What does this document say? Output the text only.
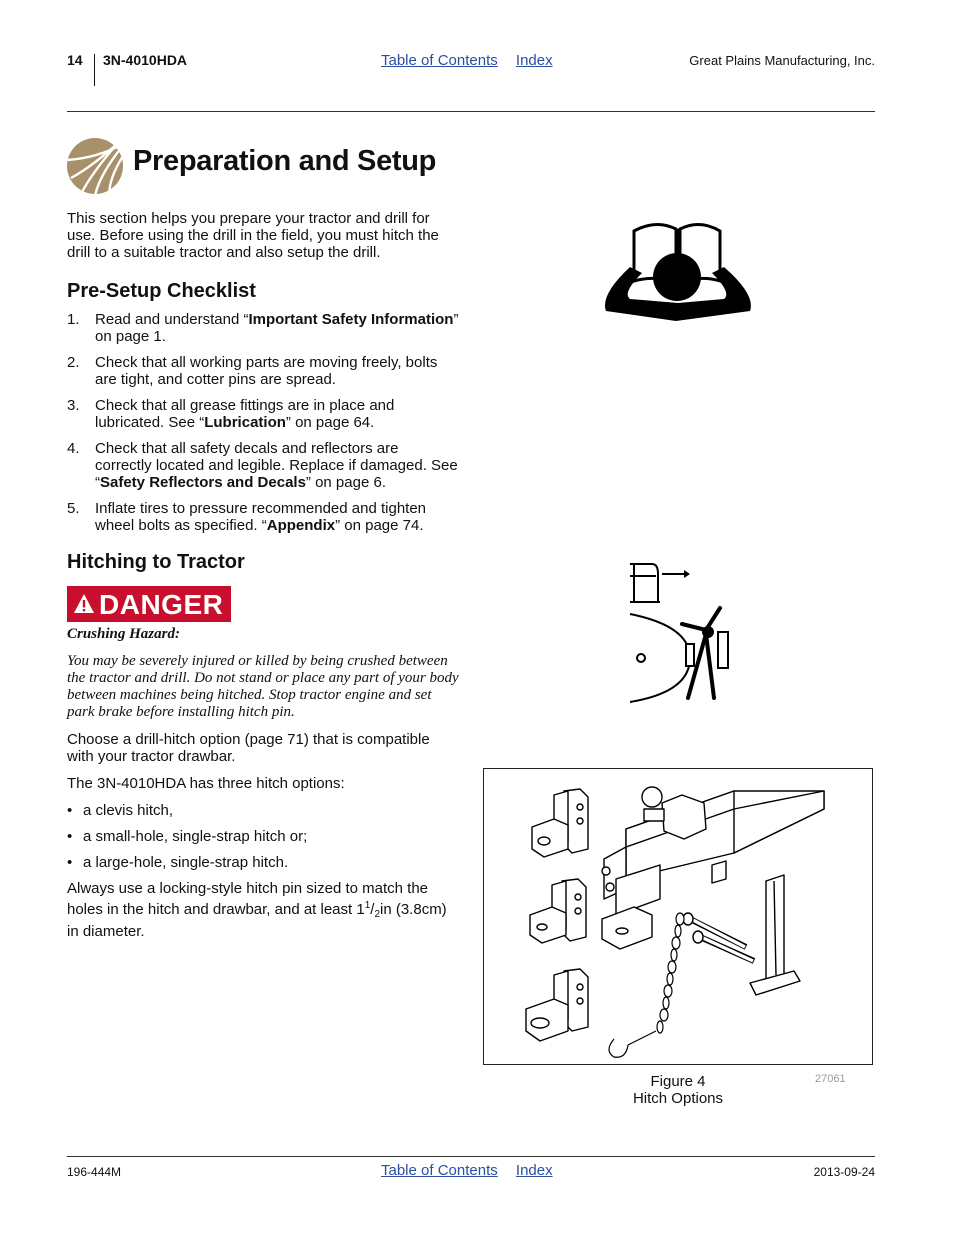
14 3N-4010HDA	Table of Contents Index	Great Plains Manufacturing, Inc.
Preparation and Setup

This section helps you prepare your tractor and drill for use. Before using the drill in the field, you must hitch the drill to a suitable tractor and also setup the drill.

Pre-Setup Checklist
1. Read and understand “Important Safety Information” on page 1.
2. Check that all working parts are moving freely, bolts are tight, and cotter pins are spread.
3. Check that all grease fittings are in place and lubricated. See “Lubrication” on page 64.
4. Check that all safety decals and reflectors are correctly located and legible. Replace if damaged. See “Safety Reflectors and Decals” on page 6.
5. Inflate tires to pressure recommended and tighten wheel bolts as specified. “Appendix” on page 74.
Hitching to Tractor
DANGER

Crushing Hazard:

You may be severely injured or killed by being crushed between the tractor and drill. Do not stand or place any part of your body between machines being hitched. Stop tractor engine and set park brake before installing hitch pin.

Choose a drill-hitch option (page 71) that is compatible with your tractor drawbar.

The 3N-4010HDA has three hitch options:

• a clevis hitch,
• a small-hole, single-strap hitch or;
• a large-hole, single-strap hitch.

Always use a locking-style hitch pin sized to match the holes in the hitch and drawbar, and at least $1^1/_2in$ (3.8cm) in diameter.

Figure 4
Hitch Options
27061
196-444M	Table of Contents Index	2013-09-24
